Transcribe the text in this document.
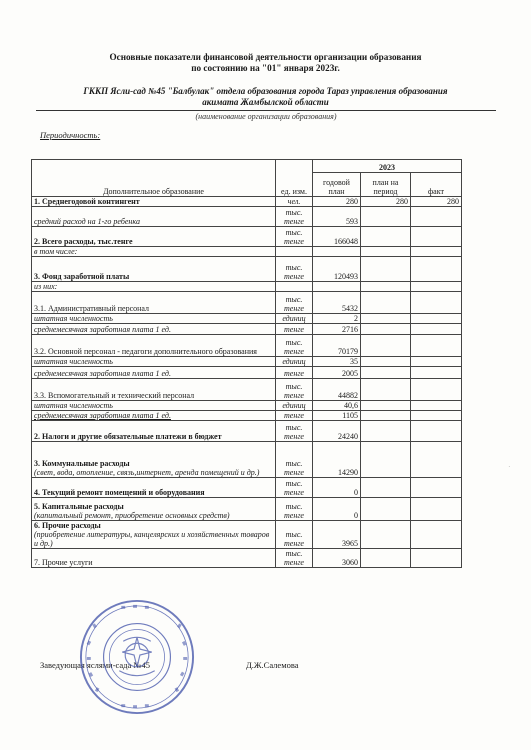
Основные показатели финансовой деятельности организации образования
по состоянию на "01" января 2023г.
ГККП Ясли-сад №45 "Балбулак" отдела образования города Тараз управления образования
акимата Жамбылской области
(наименование организации образования)
Периодичность:
Дополнительное образование	ед. изм.	2023		
		годовой план	план на период	факт

1. Среднегодовой контингент	чел.	280	280	280

средний расход на 1-го ребенка	тыс. тенге	593		

2. Всего расходы, тыс.тенге	тыс. тенге	166048		

в том числе:				

3. Фонд заработной платы	тыс. тенге	120493		

из них:				

3.1. Административный персонал	тыс. тенге	5432		

штатная численность	единиц	2		

среднемесячная заработная плата 1 ед.	тенге	2716		

3.2. Основной персонал - педагоги дополнительного образования	тыс. тенге	70179		

штатная численность	единиц	35		

среднемесячная заработная плата 1 ед.	тенге	2005		

3.3. Вспомогательный и технический персонал	тыс. тенге	44882		

штатная численность	единиц	40,6		

среднемесячная заработная плата 1 ед.	тенге	1105		

2. Налоги и другие обязательные платежи в бюджет	тыс. тенге	24240		

3. Коммунальные расходы
(свет, вода, отопление, связь,интернет, аренда помещений и др.)	тыс. тенге	14290		

4. Текущий ремонт помещений и оборудования	тыс. тенге	0		

5. Капитальные расходы
(капитальный ремонт, приобретение основных средств)	тыс. тенге	0		

6. Прочие расходы
(приобретение литературы, канцелярских и хозяйственных товаров и др.)	тыс. тенге	3965		

7. Прочие услуги	тыс. тенге	3060		
Заведующая яслями-сада №45	Д.Ж.Салемова
·
